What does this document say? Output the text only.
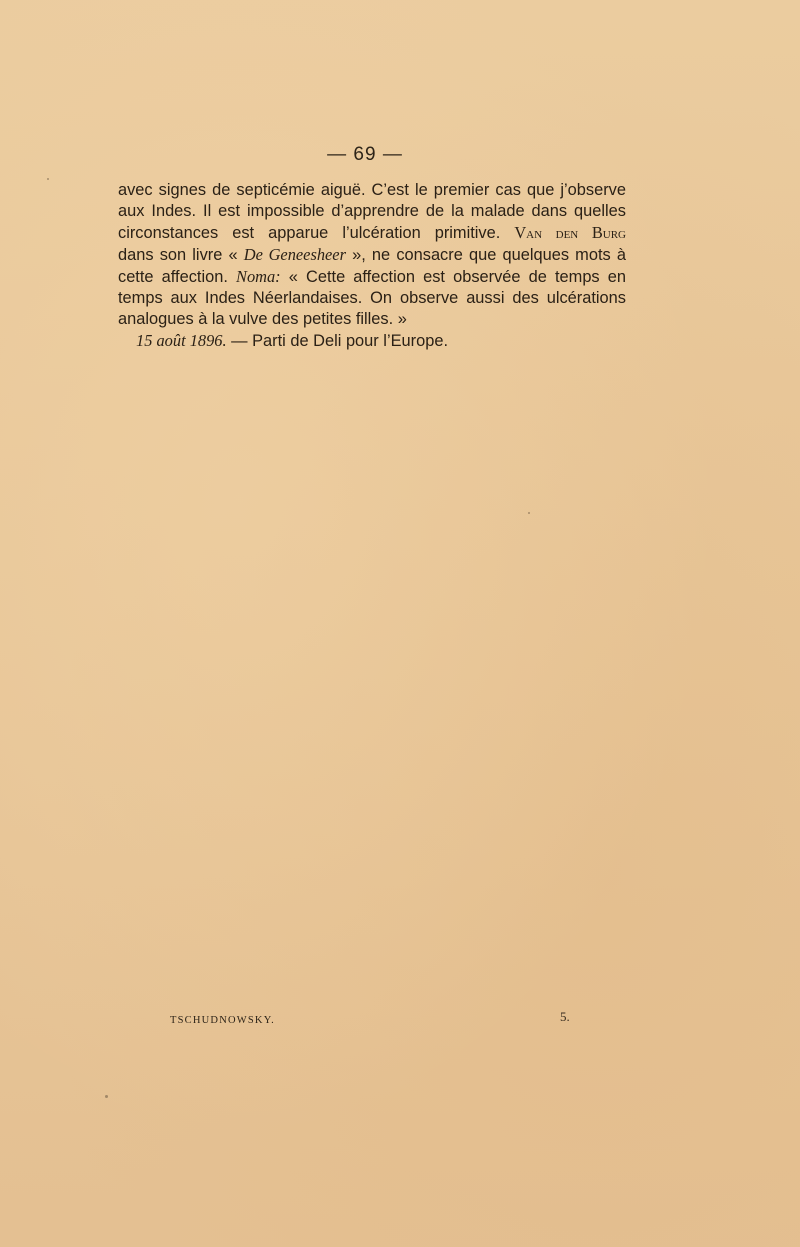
— 69 —
avec signes de septicémie aiguë. C’est le premier cas que j’observe
aux Indes. Il est impossible d’apprendre de la malade dans quelles
circonstances est apparue l’ulcération primitive. Van den Burg
dans son livre « De Geneesheer », ne consacre que quelques mots à
cette affection. Noma: « Cette affection est observée de temps en
temps aux Indes Néerlandaises. On observe aussi des ulcérations
analogues à la vulve des petites filles. »
15 août 1896. — Parti de Deli pour l’Europe.
TSCHUDNOWSKY.	5.
